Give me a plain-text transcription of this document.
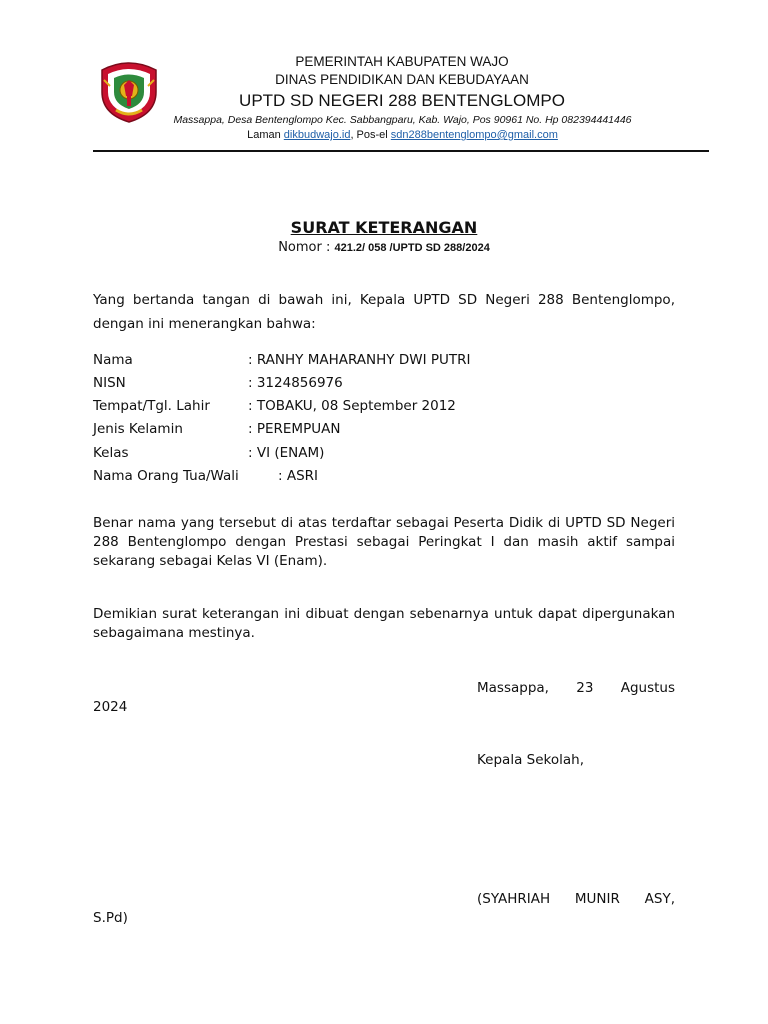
PEMERINTAH KABUPATEN WAJO
DINAS PENDIDIKAN DAN KEBUDAYAAN
UPTD SD NEGERI 288 BENTENGLOMPO
Massappa, Desa Bentenglompo Kec. Sabbangparu, Kab. Wajo, Pos 90961 No. Hp 082394441446
Laman dikbudwajo.id, Pos-el sdn288bentenglompo@gmail.com
SURAT KETERANGAN
Nomor : 421.2/ 058 /UPTD SD 288/2024
Yang bertanda tangan di bawah ini, Kepala UPTD SD Negeri 288 Bentenglompo, dengan ini menerangkan bahwa:
Nama	: RANHY MAHARANHY DWI PUTRI
NISN	: 3124856976
Tempat/Tgl. Lahir	: TOBAKU, 08 September 2012
Jenis Kelamin	: PEREMPUAN
Kelas	: VI (ENAM)
Nama Orang Tua/Wali	: ASRI
Benar nama yang tersebut di atas terdaftar sebagai Peserta Didik di UPTD SD Negeri 288 Bentenglompo dengan Prestasi sebagai Peringkat I dan masih aktif sampai sekarang sebagai Kelas VI (Enam).
Demikian surat keterangan ini dibuat dengan sebenarnya untuk dapat dipergunakan sebagaimana mestinya.
Massappa, 23 Agustus
2024
Kepala Sekolah,
(SYAHRIAH MUNIR ASY,
S.Pd)
